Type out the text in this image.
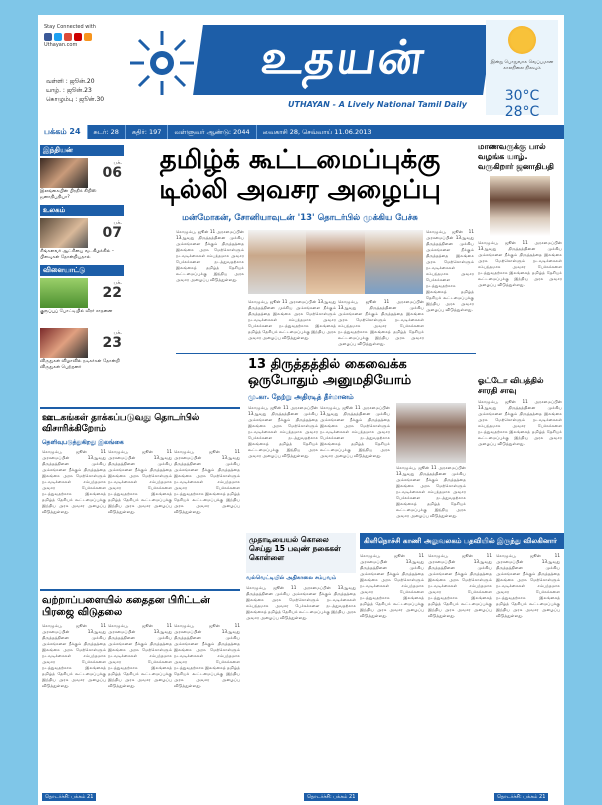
Stay Connected with
Uthayan.com
வள்ளி : ஜூன்.20
யாழ். : ஜூன்.23
கொழும்பு : ஜூன்.30
உதயன்
UTHAYAN - A Lively National Tamil Daily
இன்று பொதுவாக வெப்பமான காலநிலை நிலவும்
30°C 28°C
பக்கம் 24	சுடர்: 28	கதிர்: 197	வள்ளுவர் ஆண்டு: 2044	வைகாசி 28, செவ்வாய் 11.06.2013
இந்தியன்
பக்.
06
இலங்கையின் பிரதிக் கிறிஸ் ஜனாதிபதியா?
உலகம்
பக்.
07
சிங்களவர் ஆட்சியை வடகிழக்கில் – பிளவுகள் தோன்றியதால்
விளையாட்டு
பக்.
22
குரூப்புப் போட்டியில் வீரர் சாதனை
பக்.
23
விருதுகள் விழாவில் நடிகர்கள் தோன்றி விருதுகள் பெற்றனர்
தமிழ்க் கூட்டமைப்புக்கு
டில்லி அவசர அழைப்பு
மன்மோகன், சோனியாவுடன் '13' தொடர்பில் முக்கிய பேச்சு
கொழும்பு, ஜூன் 11 அரசமைப்பின் 13ஆவது திருத்தத்தினை முக்கிய அம்சங்களை நீக்கும் திருத்தத்தை இலங்கை அரசு மேற்கொள்ளும் நடவடிக்கைகள் சம்பந்தமாக அவசர பேச்சுக்களை நடத்துவதற்காக இலங்கைத் தமிழ்த் தேசியக் கூட்டமைப்புக்கு இந்திய அரசு அவசர அழைப்பு விடுத்துள்ளது.
கொழும்பு, ஜூன் 11 அரசமைப்பின் 13ஆவது திருத்தத்தினை முக்கிய அம்சங்களை நீக்கும் திருத்தத்தை இலங்கை அரசு மேற்கொள்ளும் நடவடிக்கைகள் சம்பந்தமாக அவசர பேச்சுக்களை நடத்துவதற்காக இலங்கைத் தமிழ்த் தேசியக் கூட்டமைப்புக்கு இந்திய அரசு அவசர அழைப்பு விடுத்துள்ளது.
கொழும்பு, ஜூன் 11 அரசமைப்பின் 13ஆவது திருத்தத்தினை முக்கிய அம்சங்களை நீக்கும் திருத்தத்தை இலங்கை அரசு மேற்கொள்ளும் நடவடிக்கைகள் சம்பந்தமாக அவசர பேச்சுக்களை நடத்துவதற்காக இலங்கைத் தமிழ்த் தேசியக் கூட்டமைப்புக்கு இந்திய அரசு அவசர அழைப்பு விடுத்துள்ளது.
கொழும்பு, ஜூன் 11 அரசமைப்பின் 13ஆவது திருத்தத்தினை முக்கிய அம்சங்களை நீக்கும் திருத்தத்தை இலங்கை அரசு மேற்கொள்ளும் நடவடிக்கைகள் சம்பந்தமாக அவசர பேச்சுக்களை நடத்துவதற்காக இலங்கைத் தமிழ்த் தேசியக் கூட்டமைப்புக்கு இந்திய அரசு அவசர அழைப்பு விடுத்துள்ளது.
13 திருத்தத்தில் கைவைக்க ஒருபோதும் அனுமதியோம்
மு.கா. நேற்று அதிரடித் தீர்மானம்
கொழும்பு, ஜூன் 11 அரசமைப்பின் 13ஆவது திருத்தத்தினை முக்கிய அம்சங்களை நீக்கும் திருத்தத்தை இலங்கை அரசு மேற்கொள்ளும் நடவடிக்கைகள் சம்பந்தமாக அவசர பேச்சுக்களை நடத்துவதற்காக இலங்கைத் தமிழ்த் தேசியக் கூட்டமைப்புக்கு இந்திய அரசு அவசர அழைப்பு விடுத்துள்ளது.
கொழும்பு, ஜூன் 11 அரசமைப்பின் 13ஆவது திருத்தத்தினை முக்கிய அம்சங்களை நீக்கும் திருத்தத்தை இலங்கை அரசு மேற்கொள்ளும் நடவடிக்கைகள் சம்பந்தமாக அவசர பேச்சுக்களை நடத்துவதற்காக இலங்கைத் தமிழ்த் தேசியக் கூட்டமைப்புக்கு இந்திய அரசு அவசர அழைப்பு விடுத்துள்ளது.
கொழும்பு, ஜூன் 11 அரசமைப்பின் 13ஆவது திருத்தத்தினை முக்கிய அம்சங்களை நீக்கும் திருத்தத்தை இலங்கை அரசு மேற்கொள்ளும் நடவடிக்கைகள் சம்பந்தமாக அவசர பேச்சுக்களை நடத்துவதற்காக இலங்கைத் தமிழ்த் தேசியக் கூட்டமைப்புக்கு இந்திய அரசு அவசர அழைப்பு விடுத்துள்ளது.
மாணவருக்கு பால் வழங்க யாழ். வருகிறார் ஜனாதிபதி
கொழும்பு, ஜூன் 11 அரசமைப்பின் 13ஆவது திருத்தத்தினை முக்கிய அம்சங்களை நீக்கும் திருத்தத்தை இலங்கை அரசு மேற்கொள்ளும் நடவடிக்கைகள் சம்பந்தமாக அவசர பேச்சுக்களை நடத்துவதற்காக இலங்கைத் தமிழ்த் தேசியக் கூட்டமைப்புக்கு இந்திய அரசு அவசர அழைப்பு விடுத்துள்ளது.
ஓட்டோ விபத்தில் சாரதி சாவு
கொழும்பு, ஜூன் 11 அரசமைப்பின் 13ஆவது திருத்தத்தினை முக்கிய அம்சங்களை நீக்கும் திருத்தத்தை இலங்கை அரசு மேற்கொள்ளும் நடவடிக்கைகள் சம்பந்தமாக அவசர பேச்சுக்களை நடத்துவதற்காக இலங்கைத் தமிழ்த் தேசியக் கூட்டமைப்புக்கு இந்திய அரசு அவசர அழைப்பு விடுத்துள்ளது.
ஊடகங்கள் தாக்கப்படுவது தொடர்பில் விசாரிக்கிறோம்
தெளிவுபடுத்துகிறது இலங்கை
கொழும்பு, ஜூன் 11 அரசமைப்பின் 13ஆவது திருத்தத்தினை முக்கிய அம்சங்களை நீக்கும் திருத்தத்தை இலங்கை அரசு மேற்கொள்ளும் நடவடிக்கைகள் சம்பந்தமாக அவசர பேச்சுக்களை நடத்துவதற்காக இலங்கைத் தமிழ்த் தேசியக் கூட்டமைப்புக்கு இந்திய அரசு அவசர அழைப்பு விடுத்துள்ளது.
கொழும்பு, ஜூன் 11 அரசமைப்பின் 13ஆவது திருத்தத்தினை முக்கிய அம்சங்களை நீக்கும் திருத்தத்தை இலங்கை அரசு மேற்கொள்ளும் நடவடிக்கைகள் சம்பந்தமாக அவசர பேச்சுக்களை நடத்துவதற்காக இலங்கைத் தமிழ்த் தேசியக் கூட்டமைப்புக்கு இந்திய அரசு அவசர அழைப்பு விடுத்துள்ளது.
கொழும்பு, ஜூன் 11 அரசமைப்பின் 13ஆவது திருத்தத்தினை முக்கிய அம்சங்களை நீக்கும் திருத்தத்தை இலங்கை அரசு மேற்கொள்ளும் நடவடிக்கைகள் சம்பந்தமாக அவசர பேச்சுக்களை நடத்துவதற்காக இலங்கைத் தமிழ்த் தேசியக் கூட்டமைப்புக்கு இந்திய அரசு அவசர அழைப்பு விடுத்துள்ளது.
வற்றாப்பளையில் கதைதன பிரிட்டன் பிரஜை விடுதலை
கொழும்பு, ஜூன் 11 அரசமைப்பின் 13ஆவது திருத்தத்தினை முக்கிய அம்சங்களை நீக்கும் திருத்தத்தை இலங்கை அரசு மேற்கொள்ளும் நடவடிக்கைகள் சம்பந்தமாக அவசர பேச்சுக்களை நடத்துவதற்காக இலங்கைத் தமிழ்த் தேசியக் கூட்டமைப்புக்கு இந்திய அரசு அவசர அழைப்பு விடுத்துள்ளது.
கொழும்பு, ஜூன் 11 அரசமைப்பின் 13ஆவது திருத்தத்தினை முக்கிய அம்சங்களை நீக்கும் திருத்தத்தை இலங்கை அரசு மேற்கொள்ளும் நடவடிக்கைகள் சம்பந்தமாக அவசர பேச்சுக்களை நடத்துவதற்காக இலங்கைத் தமிழ்த் தேசியக் கூட்டமைப்புக்கு இந்திய அரசு அவசர அழைப்பு விடுத்துள்ளது.
கொழும்பு, ஜூன் 11 அரசமைப்பின் 13ஆவது திருத்தத்தினை முக்கிய அம்சங்களை நீக்கும் திருத்தத்தை இலங்கை அரசு மேற்கொள்ளும் நடவடிக்கைகள் சம்பந்தமாக அவசர பேச்சுக்களை நடத்துவதற்காக இலங்கைத் தமிழ்த் தேசியக் கூட்டமைப்புக்கு இந்திய அரசு அவசர அழைப்பு விடுத்துள்ளது.
முதாடியையல் கொலை செய்து 15 பவுண் நகைகள் கொள்ளை
வல்வெட்டியில் அதிகாலை சம்பவம்
கொழும்பு, ஜூன் 11 அரசமைப்பின் 13ஆவது திருத்தத்தினை முக்கிய அம்சங்களை நீக்கும் திருத்தத்தை இலங்கை அரசு மேற்கொள்ளும் நடவடிக்கைகள் சம்பந்தமாக அவசர பேச்சுக்களை நடத்துவதற்காக இலங்கைத் தமிழ்த் தேசியக் கூட்டமைப்புக்கு இந்திய அரசு அவசர அழைப்பு விடுத்துள்ளது.
கிளிநொச்சி காணி அலுவலகம் பதவியில் இருந்து விலகினார்
கொழும்பு, ஜூன் 11 அரசமைப்பின் 13ஆவது திருத்தத்தினை முக்கிய அம்சங்களை நீக்கும் திருத்தத்தை இலங்கை அரசு மேற்கொள்ளும் நடவடிக்கைகள் சம்பந்தமாக அவசர பேச்சுக்களை நடத்துவதற்காக இலங்கைத் தமிழ்த் தேசியக் கூட்டமைப்புக்கு இந்திய அரசு அவசர அழைப்பு விடுத்துள்ளது.
கொழும்பு, ஜூன் 11 அரசமைப்பின் 13ஆவது திருத்தத்தினை முக்கிய அம்சங்களை நீக்கும் திருத்தத்தை இலங்கை அரசு மேற்கொள்ளும் நடவடிக்கைகள் சம்பந்தமாக அவசர பேச்சுக்களை நடத்துவதற்காக இலங்கைத் தமிழ்த் தேசியக் கூட்டமைப்புக்கு இந்திய அரசு அவசர அழைப்பு விடுத்துள்ளது.
கொழும்பு, ஜூன் 11 அரசமைப்பின் 13ஆவது திருத்தத்தினை முக்கிய அம்சங்களை நீக்கும் திருத்தத்தை இலங்கை அரசு மேற்கொள்ளும் நடவடிக்கைகள் சம்பந்தமாக அவசர பேச்சுக்களை நடத்துவதற்காக இலங்கைத் தமிழ்த் தேசியக் கூட்டமைப்புக்கு இந்திய அரசு அவசர அழைப்பு விடுத்துள்ளது.
தொடர்ச்சி: பக்கம் 21	தொடர்ச்சி: பக்கம் 21	தொடர்ச்சி: பக்கம் 21
